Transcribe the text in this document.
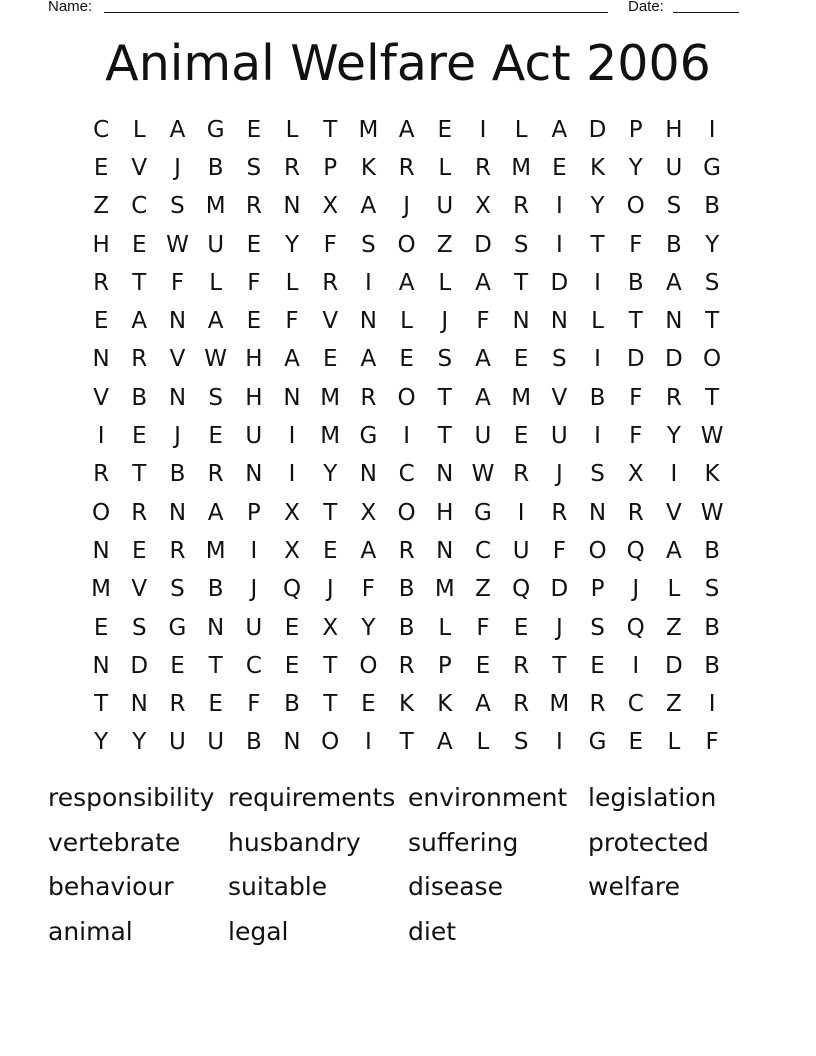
Name:	Date:
Animal Welfare Act 2006
C	L	A G E	L	T M A	E	I	L	A D P H	I
E	V	J	B S R	P	K R	L	R M E	K	Y U G
Z C S M R N X A	J	U X R	I	Y O S	B
H E W U E	Y	F	S O Z D S	I	T	F	B	Y
R	T	F	L	F	L	R	I	A	L	A	T D	I	B A	S
E	A N A	E	F	V N	L	J	F N N	L	T N T
N R V W H A	E	A	E	S	A	E	S	I	D D O
V B N S H N M R O T	A M V B	F	R	T
I	E	J	E U	I	M G	I	T U E U	I	F	Y W
R	T	B R N	I	Y N C N W R	J	S	X	I	K
O R N A	P	X	T	X O H G	I	R N R V W
N E R M	I	X	E	A R N C U	F O Q A B
M V	S	B	J	Q	J	F	B M Z Q D P	J	L	S
E	S G N U E	X	Y	B	L	F	E	J	S Q Z B
N D E	T	C E	T O R	P	E R	T	E	I	D B
T N R E	F	B	T	E	K	K A R M R C Z	I
Y	Y U U B N O	I	T	A	L	S	I	G E	L	F
responsibility requirements environment legislation
vertebrate	husbandry	suffering	protected
behaviour	suitable	disease	welfare
animal	legal	diet
